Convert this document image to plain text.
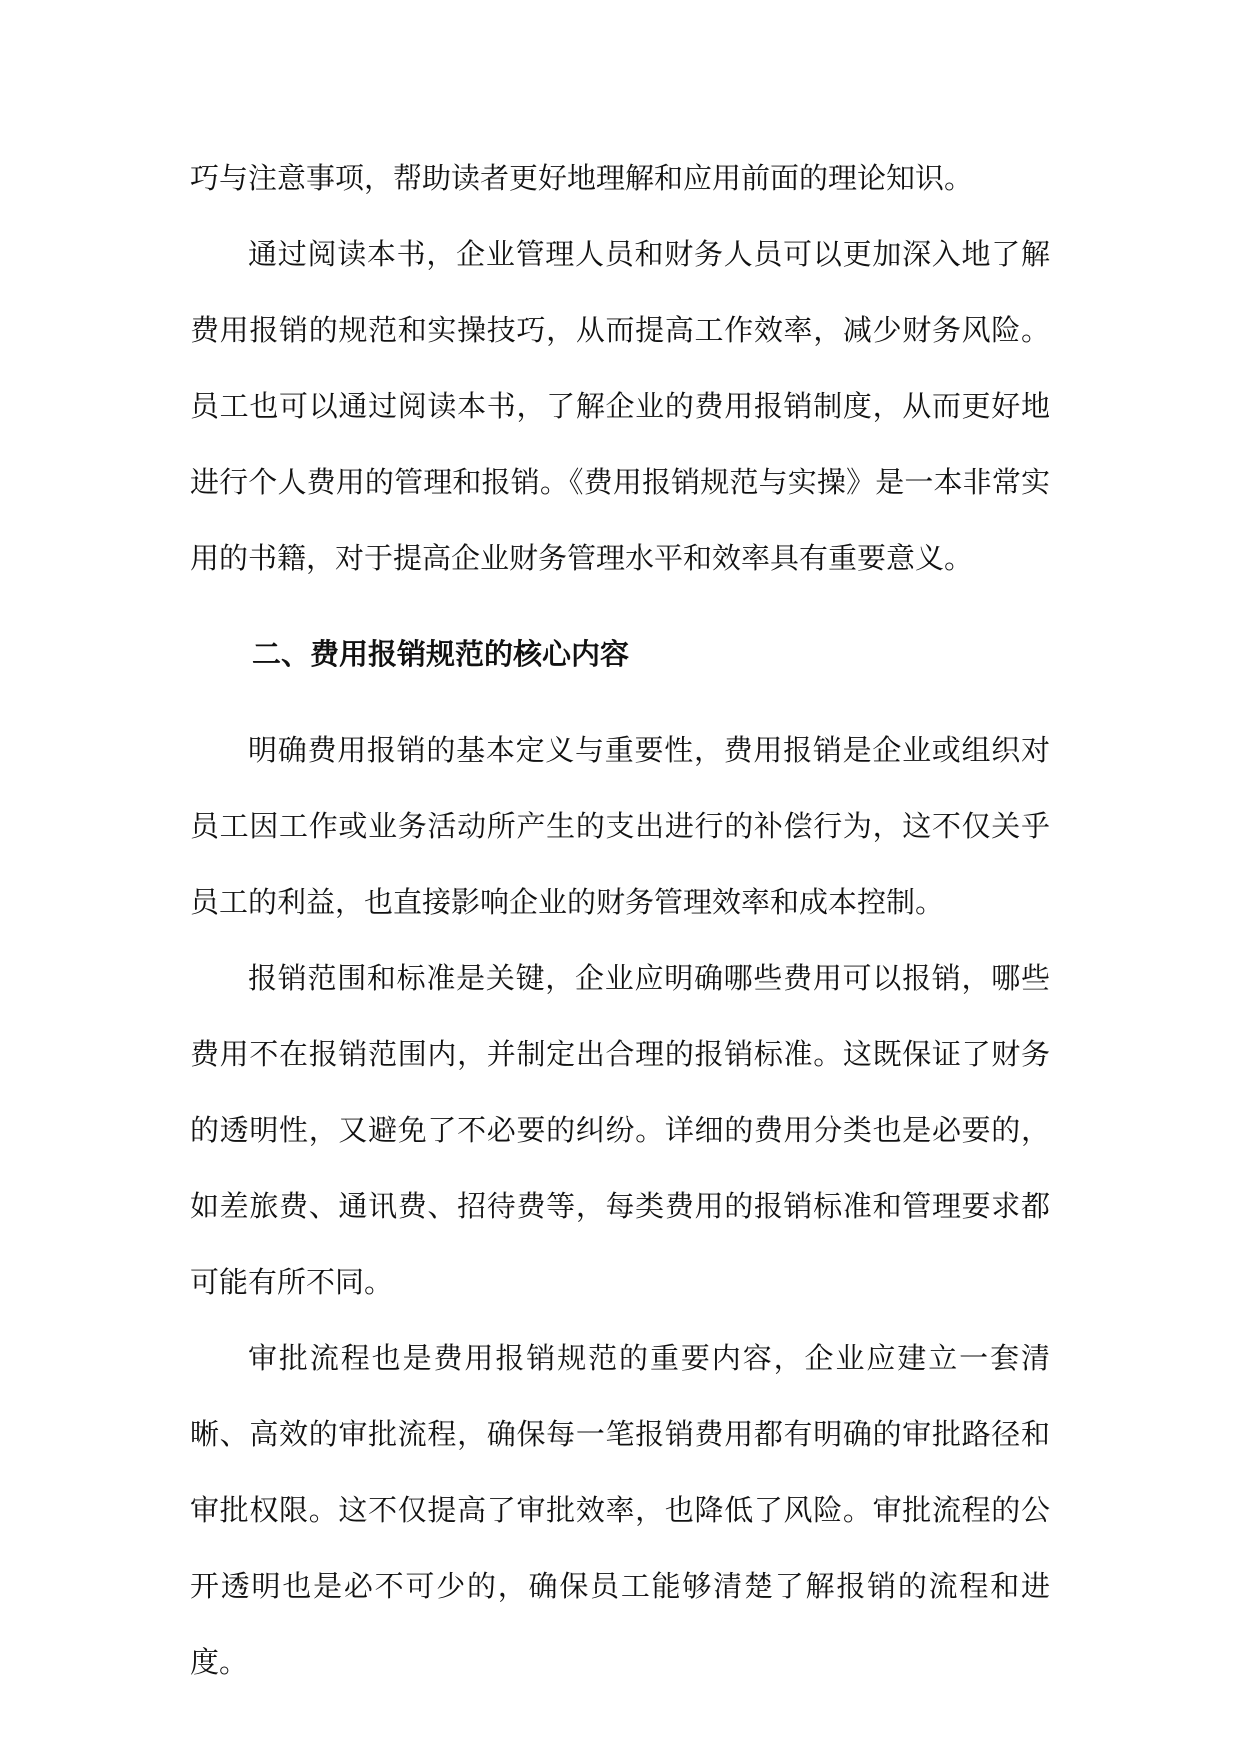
巧与注意事项，帮助读者更好地理解和应用前面的理论知识。

通过阅读本书，企业管理人员和财务人员可以更加深入地了解费用报销的规范和实操技巧，从而提高工作效率，减少财务风险。员工也可以通过阅读本书，了解企业的费用报销制度，从而更好地进行个人费用的管理和报销。《费用报销规范与实操》是一本非常实用的书籍，对于提高企业财务管理水平和效率具有重要意义。

二、费用报销规范的核心内容

明确费用报销的基本定义与重要性，费用报销是企业或组织对员工因工作或业务活动所产生的支出进行的补偿行为，这不仅关乎员工的利益，也直接影响企业的财务管理效率和成本控制。

报销范围和标准是关键，企业应明确哪些费用可以报销，哪些费用不在报销范围内，并制定出合理的报销标准。这既保证了财务的透明性，又避免了不必要的纠纷。详细的费用分类也是必要的，如差旅费、通讯费、招待费等，每类费用的报销标准和管理要求都可能有所不同。

审批流程也是费用报销规范的重要内容，企业应建立一套清晰、高效的审批流程，确保每一笔报销费用都有明确的审批路径和审批权限。这不仅提高了审批效率，也降低了风险。审批流程的公开透明也是必不可少的，确保员工能够清楚了解报销的流程和进度。
